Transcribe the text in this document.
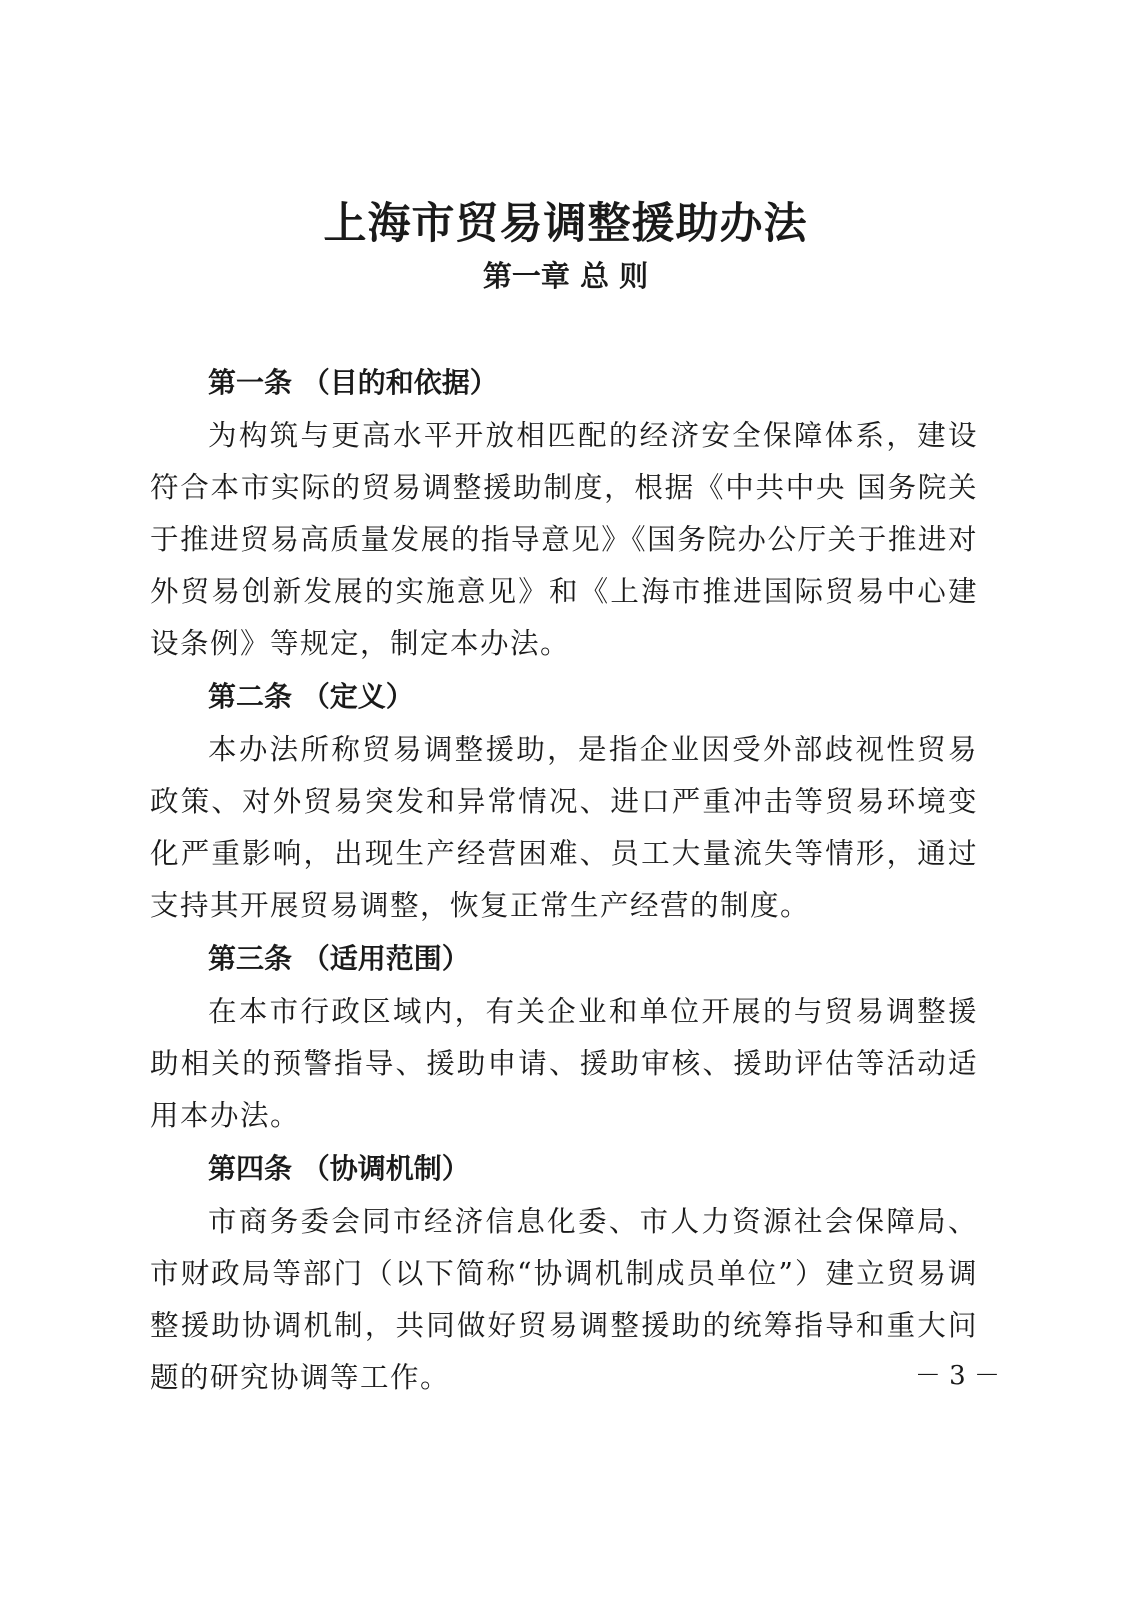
上海市贸易调整援助办法
第一章 总 则

第一条 （目的和依据）

为构筑与更高水平开放相匹配的经济安全保障体系，建设符合本市实际的贸易调整援助制度，根据《中共中央 国务院关于推进贸易高质量发展的指导意见》《国务院办公厅关于推进对外贸易创新发展的实施意见》和《上海市推进国际贸易中心建设条例》等规定，制定本办法。

第二条 （定义）

本办法所称贸易调整援助，是指企业因受外部歧视性贸易政策、对外贸易突发和异常情况、进口严重冲击等贸易环境变化严重影响，出现生产经营困难、员工大量流失等情形，通过支持其开展贸易调整，恢复正常生产经营的制度。

第三条 （适用范围）

在本市行政区域内，有关企业和单位开展的与贸易调整援助相关的预警指导、援助申请、援助审核、援助评估等活动适用本办法。

第四条 （协调机制）

市商务委会同市经济信息化委、市人力资源社会保障局、市财政局等部门（以下简称“协调机制成员单位”）建立贸易调整援助协调机制，共同做好贸易调整援助的统筹指导和重大问题的研究协调等工作。	－ 3 －
